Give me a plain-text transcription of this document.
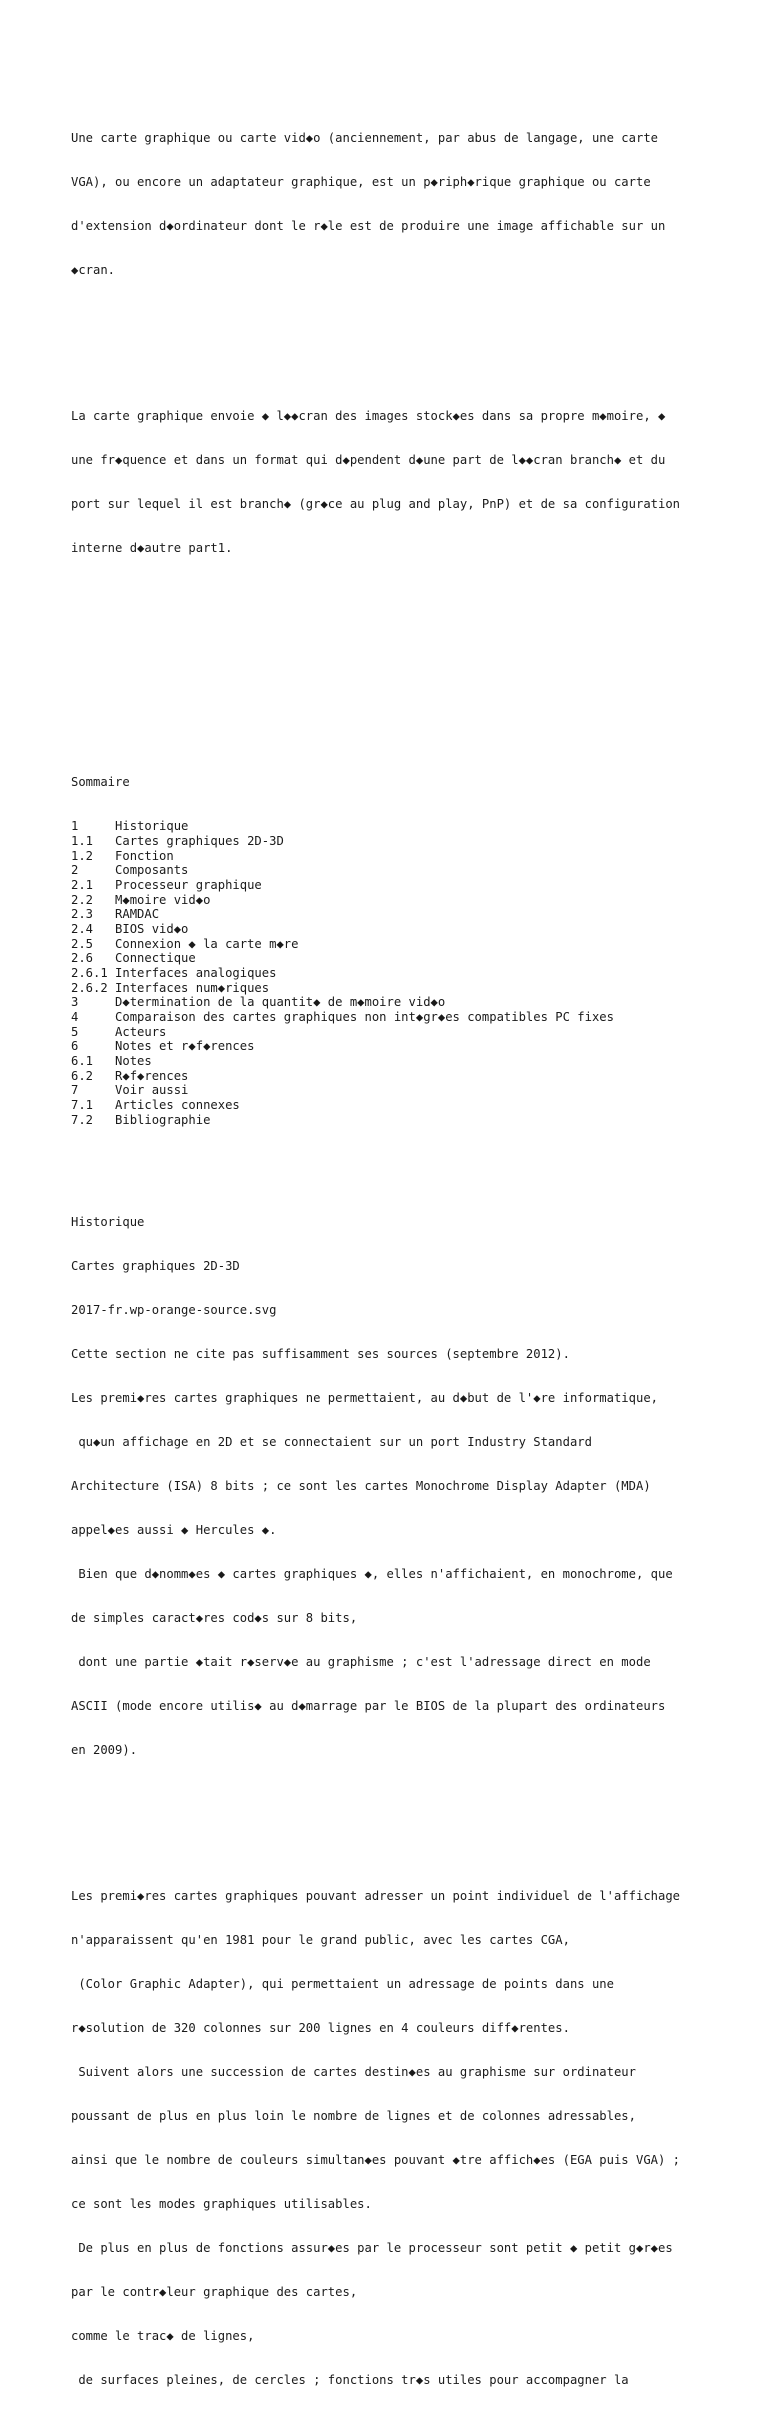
Une carte graphique ou carte vid◆o (anciennement, par abus de langage, une carte

VGA), ou encore un adaptateur graphique, est un p◆riph◆rique graphique ou carte

d'extension d◆ordinateur dont le r◆le est de produire une image affichable sur un

◆cran.

La carte graphique envoie ◆ l◆◆cran des images stock◆es dans sa propre m◆moire, ◆

une fr◆quence et dans un format qui d◆pendent d◆une part de l◆◆cran branch◆ et du

port sur lequel il est branch◆ (gr◆ce au plug and play, PnP) et de sa configuration

interne d◆autre part1.

Sommaire

1	Historique
1.1 Cartes graphiques 2D-3D
1.2 Fonction
2	Composants
2.1 Processeur graphique
2.2 M◆moire vid◆o
2.3 RAMDAC
2.4 BIOS vid◆o
2.5 Connexion ◆ la carte m◆re
2.6 Connectique
2.6.1 Interfaces analogiques
2.6.2 Interfaces num◆riques
3	D◆termination de la quantit◆ de m◆moire vid◆o
4	Comparaison des cartes graphiques non int◆gr◆es compatibles PC fixes
5	Acteurs
6	Notes et r◆f◆rences
6.1 Notes
6.2 R◆f◆rences
7	Voir aussi
7.1 Articles connexes
7.2 Bibliographie

Historique

Cartes graphiques 2D-3D

2017-fr.wp-orange-source.svg

Cette section ne cite pas suffisamment ses sources (septembre 2012).

Les premi◆res cartes graphiques ne permettaient, au d◆but de l'◆re informatique,

qu◆un affichage en 2D et se connectaient sur un port Industry Standard

Architecture (ISA) 8 bits ; ce sont les cartes Monochrome Display Adapter (MDA)

appel◆es aussi ◆ Hercules ◆.

Bien que d◆nomm◆es ◆ cartes graphiques ◆, elles n'affichaient, en monochrome, que

de simples caract◆res cod◆s sur 8 bits,

dont une partie ◆tait r◆serv◆e au graphisme ; c'est l'adressage direct en mode

ASCII (mode encore utilis◆ au d◆marrage par le BIOS de la plupart des ordinateurs

en 2009).

Les premi◆res cartes graphiques pouvant adresser un point individuel de l'affichage

n'apparaissent qu'en 1981 pour le grand public, avec les cartes CGA,

(Color Graphic Adapter), qui permettaient un adressage de points dans une

r◆solution de 320 colonnes sur 200 lignes en 4 couleurs diff◆rentes.

Suivent alors une succession de cartes destin◆es au graphisme sur ordinateur

poussant de plus en plus loin le nombre de lignes et de colonnes adressables,

ainsi que le nombre de couleurs simultan◆es pouvant ◆tre affich◆es (EGA puis VGA) ;

ce sont les modes graphiques utilisables.

De plus en plus de fonctions assur◆es par le processeur sont petit ◆ petit g◆r◆es

par le contr◆leur graphique des cartes,

comme le trac◆ de lignes,

de surfaces pleines, de cercles ; fonctions tr◆s utiles pour accompagner la
